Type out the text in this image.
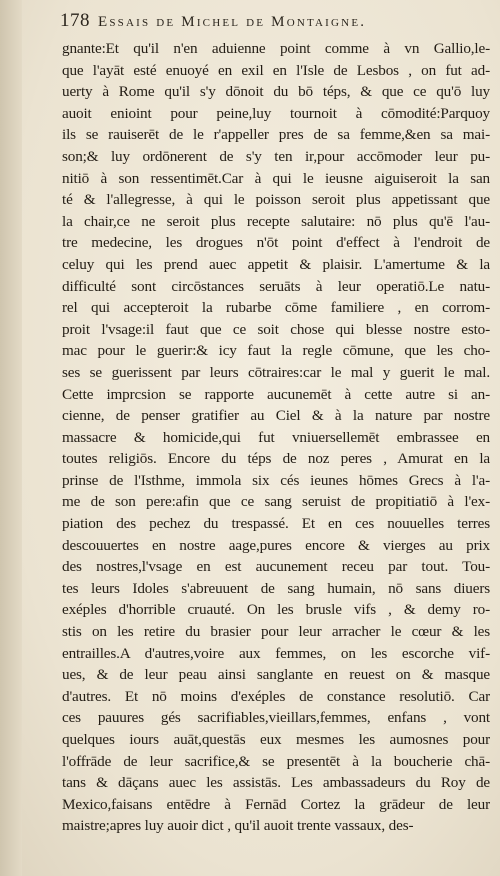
178 Essais de Michel de Montaigne.
gnante:Et qu'il n'en aduienne point comme à vn Gallio,le-
que l'ayāt esté enuoyé en exil en l'Isle de Lesbos , on fut ad-
uerty à Rome qu'il s'y dōnoit du bō téps, & que ce qu'ō luy
auoit enioint pour peine,luy tournoit à cōmodité:Parquoy
ils se rauiserēt de le r'appeller pres de sa femme,&en sa mai-
son;& luy ordōnerent de s'y ten ir,pour accōmoder leur pu-
nitiō à son ressentimēt.Car à qui le ieusne aiguiseroit la san
té & l'allegresse, à qui le poisson seroit plus appetissant que
la chair,ce ne seroit plus recepte salutaire: nō plus qu'ē l'au-
tre medecine, les drogues n'ōt point d'effect à l'endroit de
celuy qui les prend auec appetit & plaisir. L'amertume & la
difficulté sont circōstances seruāts à leur operatiō.Le natu-
rel qui accepteroit la rubarbe cōme familiere , en corrom-
proit l'vsage:il faut que ce soit chose qui blesse nostre esto-
mac pour le guerir:& icy faut la regle cōmune, que les cho-
ses se guerissent par leurs cōtraires:car le mal y guerit le mal.
Cette imprcsion se rapporte aucunemēt à cette autre si an-
cienne, de penser gratifier au Ciel & à la nature par nostre
massacre & homicide,qui fut vniuersellemēt embrassee en
toutes religiōs. Encore du téps de noz peres , Amurat en la
prinse de l'Isthme, immola six cés ieunes hōmes Grecs à l'a-
me de son pere:afin que ce sang seruist de propitiatiō à l'ex-
piation des pechez du trespassé. Et en ces nouuelles terres
descouuertes en nostre aage,pures encore & vierges au prix
des nostres,l'vsage en est aucunement receu par tout. Tou-
tes leurs Idoles s'abreuuent de sang humain, nō sans diuers
exéples d'horrible cruauté. On les brusle vifs , & demy ro-
stis on les retire du brasier pour leur arracher le cœur & les
entrailles.A d'autres,voire aux femmes, on les escorche vif-
ues, & de leur peau ainsi sanglante en reuest on & masque
d'autres. Et nō moins d'exéples de constance resolutiō. Car
ces pauures gés sacrifiables,vieillars,femmes, enfans , vont
quelques iours auāt,questās eux mesmes les aumosnes pour
l'offrāde de leur sacrifice,& se presentēt à la boucherie chā-
tans & dāçans auec les assistās. Les ambassadeurs du Roy de
Mexico,faisans entēdre à Fernād Cortez la grādeur de leur
maistre;apres luy auoir dict , qu'il auoit trente vassaux, des-
